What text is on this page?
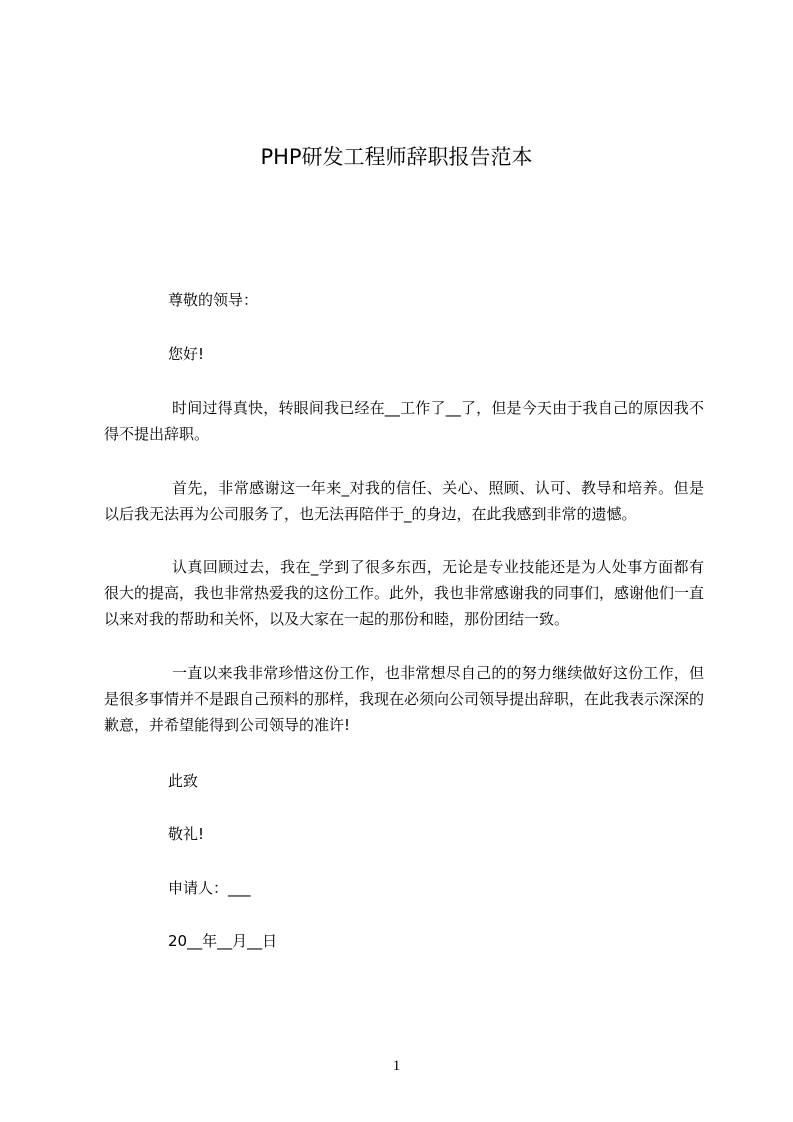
PHP研发工程师辞职报告范本
尊敬的领导：
您好!
时间过得真快，转眼间我已经在__工作了__了，但是今天由于我自己的原因我不得不提出辞职。
首先，非常感谢这一年来_对我的信任、关心、照顾、认可、教导和培养。但是以后我无法再为公司服务了，也无法再陪伴于_的身边，在此我感到非常的遗憾。
认真回顾过去，我在_学到了很多东西，无论是专业技能还是为人处事方面都有很大的提高，我也非常热爱我的这份工作。此外，我也非常感谢我的同事们，感谢他们一直以来对我的帮助和关怀，以及大家在一起的那份和睦，那份团结一致。
一直以来我非常珍惜这份工作，也非常想尽自己的的努力继续做好这份工作，但是很多事情并不是跟自己预料的那样，我现在必须向公司领导提出辞职，在此我表示深深的歉意，并希望能得到公司领导的准许!
此致
敬礼!
申请人：___
20__年__月__日
1
